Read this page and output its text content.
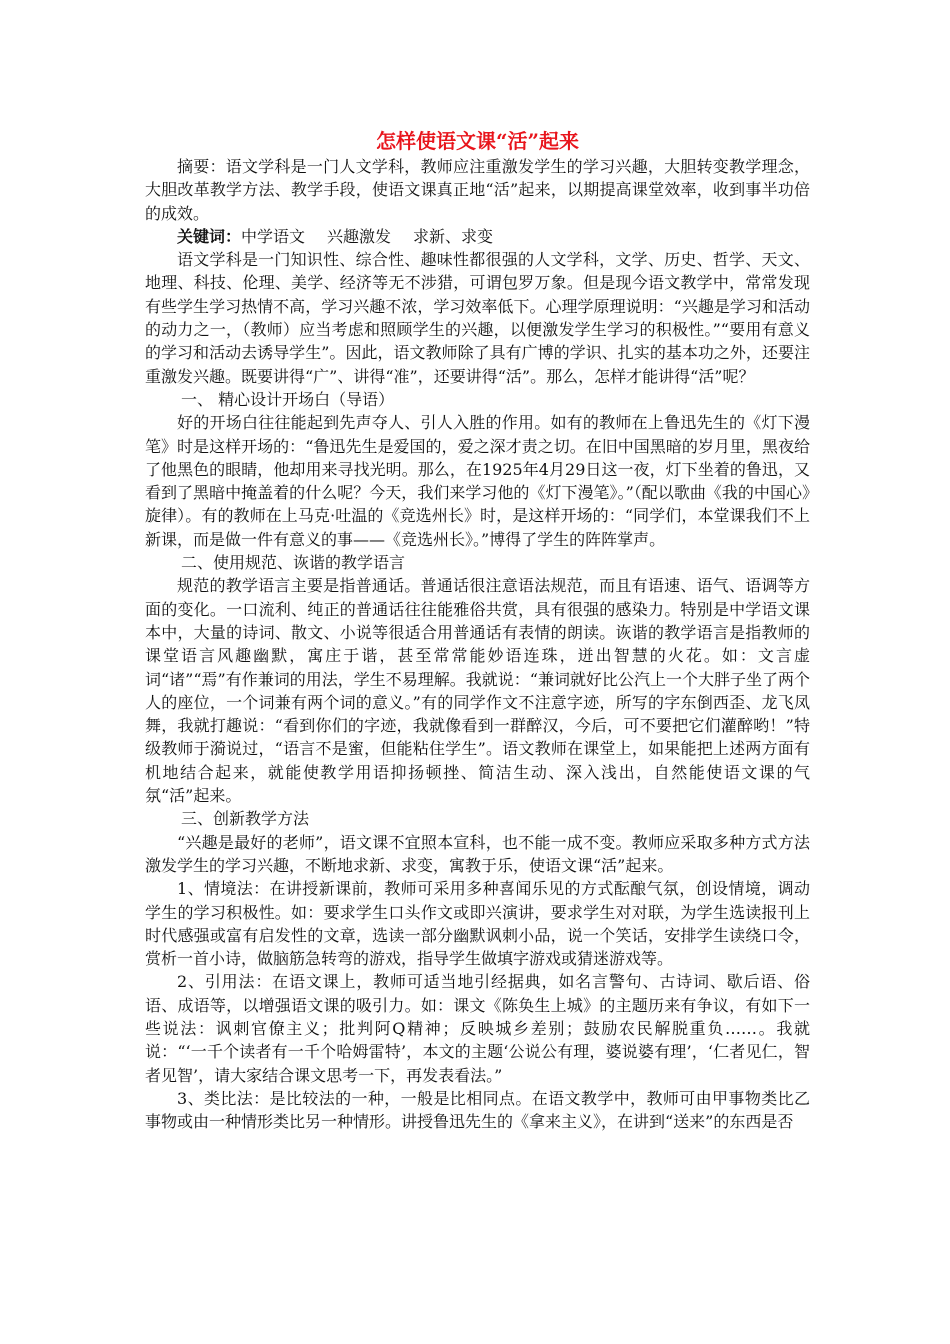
怎样使语文课“活”起来

摘要：语文学科是一门人文学科，教师应注重激发学生的学习兴趣，大胆转变教学理念，大胆改革教学方法、教学手段，使语文课真正地“活”起来，以期提高课堂效率，收到事半功倍的成效。

关键词：中学语文 兴趣激发 求新、求变

语文学科是一门知识性、综合性、趣味性都很强的人文学科，文学、历史、哲学、天文、地理、科技、伦理、美学、经济等无不涉猎，可谓包罗万象。但是现今语文教学中，常常发现有些学生学习热情不高，学习兴趣不浓，学习效率低下。心理学原理说明：“兴趣是学习和活动的动力之一，（教师）应当考虑和照顾学生的兴趣，以便激发学生学习的积极性。”“要用有意义的学习和活动去诱导学生”。因此，语文教师除了具有广博的学识、扎实的基本功之外，还要注重激发兴趣。既要讲得“广”、讲得“准”，还要讲得“活”。那么，怎样才能讲得“活”呢？

一、 精心设计开场白（导语）

好的开场白往往能起到先声夺人、引人入胜的作用。如有的教师在上鲁迅先生的《灯下漫笔》时是这样开场的：“鲁迅先生是爱国的，爱之深才责之切。在旧中国黑暗的岁月里，黑夜给了他黑色的眼睛，他却用来寻找光明。那么，在1925年4月29日这一夜，灯下坐着的鲁迅，又看到了黑暗中掩盖着的什么呢？今天，我们来学习他的《灯下漫笔》。”（配以歌曲《我的中国心》旋律）。有的教师在上马克·吐温的《竞选州长》时，是这样开场的：“同学们，本堂课我们不上新课，而是做一件有意义的事——《竞选州长》。”博得了学生的阵阵掌声。

二、使用规范、诙谐的教学语言

规范的教学语言主要是指普通话。普通话很注意语法规范，而且有语速、语气、语调等方面的变化。一口流利、纯正的普通话往往能雅俗共赏，具有很强的感染力。特别是中学语文课本中，大量的诗词、散文、小说等很适合用普通话有表情的朗读。诙谐的教学语言是指教师的课堂语言风趣幽默，寓庄于谐，甚至常常能妙语连珠，迸出智慧的火花。如：文言虚词“诸”“焉”有作兼词的用法，学生不易理解。我就说：“兼词就好比公汽上一个大胖子坐了两个人的座位，一个词兼有两个词的意义。”有的同学作文不注意字迹，所写的字东倒西歪、龙飞凤舞，我就打趣说：“看到你们的字迹，我就像看到一群醉汉，今后，可不要把它们灌醉哟！”特级教师于漪说过，“语言不是蜜，但能粘住学生”。语文教师在课堂上，如果能把上述两方面有机地结合起来，就能使教学用语抑扬顿挫、简洁生动、深入浅出，自然能使语文课的气氛“活”起来。

三、创新教学方法

“兴趣是最好的老师”，语文课不宜照本宣科，也不能一成不变。教师应采取多种方式方法激发学生的学习兴趣，不断地求新、求变，寓教于乐，使语文课“活”起来。

1、情境法：在讲授新课前，教师可采用多种喜闻乐见的方式酝酿气氛，创设情境，调动学生的学习积极性。如：要求学生口头作文或即兴演讲，要求学生对对联，为学生选读报刊上时代感强或富有启发性的文章，选读一部分幽默讽刺小品，说一个笑话，安排学生读绕口令，赏析一首小诗，做脑筋急转弯的游戏，指导学生做填字游戏或猜迷游戏等。

2、引用法：在语文课上，教师可适当地引经据典，如名言警句、古诗词、歇后语、俗语、成语等，以增强语文课的吸引力。如：课文《陈奂生上城》的主题历来有争议，有如下一些说法：讽刺官僚主义；批判阿Q精神；反映城乡差别；鼓励农民解脱重负……。我就说：“‘一千个读者有一千个哈姆雷特’，本文的主题‘公说公有理，婆说婆有理’，‘仁者见仁，智者见智’，请大家结合课文思考一下，再发表看法。”

3、类比法：是比较法的一种，一般是比相同点。在语文教学中，教师可由甲事物类比乙事物或由一种情形类比另一种情形。讲授鲁迅先生的《拿来主义》，在讲到“送来”的东西是否
